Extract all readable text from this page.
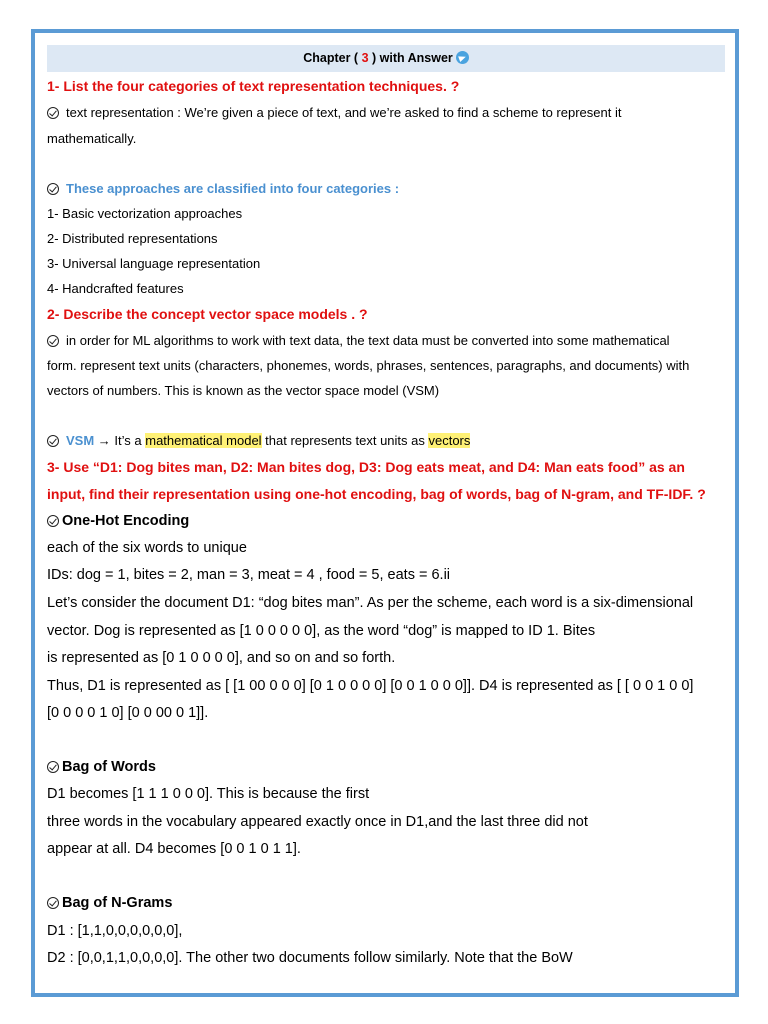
Chapter ( 3 ) with Answer
1- List the four categories of text representation techniques. ?
text representation : We’re given a piece of text, and we’re asked to find a scheme to represent it
mathematically.
These approaches are classified into four categories :
1- Basic vectorization approaches
2- Distributed representations
3- Universal language representation
4- Handcrafted features
2- Describe the concept vector space models . ?
in order for ML algorithms to work with text data, the text data must be converted into some mathematical
form. represent text units (characters, phonemes, words, phrases, sentences, paragraphs, and documents) with
vectors of numbers. This is known as the vector space model (VSM)
VSM → It’s a mathematical model that represents text units as vectors
3- Use “D1: Dog bites man, D2: Man bites dog, D3: Dog eats meat, and D4: Man eats food” as an
input, find their representation using one-hot encoding, bag of words, bag of N-gram, and TF-IDF. ?
One-Hot Encoding
each of the six words to unique
IDs: dog = 1, bites = 2, man = 3, meat = 4 , food = 5, eats = 6.ii
Let’s consider the document D1: “dog bites man”. As per the scheme, each word is a six-dimensional
vector. Dog is represented as [1 0 0 0 0 0], as the word “dog” is mapped to ID 1. Bites
is represented as [0 1 0 0 0 0], and so on and so forth.
Thus, D1 is represented as [ [1 00 0 0 0] [0 1 0 0 0 0] [0 0 1 0 0 0]]. D4 is represented as [ [ 0 0 1 0 0]
[0 0 0 0 1 0] [0 0 00 0 1]].
Bag of Words
D1 becomes [1 1 1 0 0 0]. This is because the first
three words in the vocabulary appeared exactly once in D1,and the last three did not
appear at all. D4 becomes [0 0 1 0 1 1].
Bag of N-Grams
D1 : [1,1,0,0,0,0,0,0],
D2 : [0,0,1,1,0,0,0,0]. The other two documents follow similarly. Note that the BoW
